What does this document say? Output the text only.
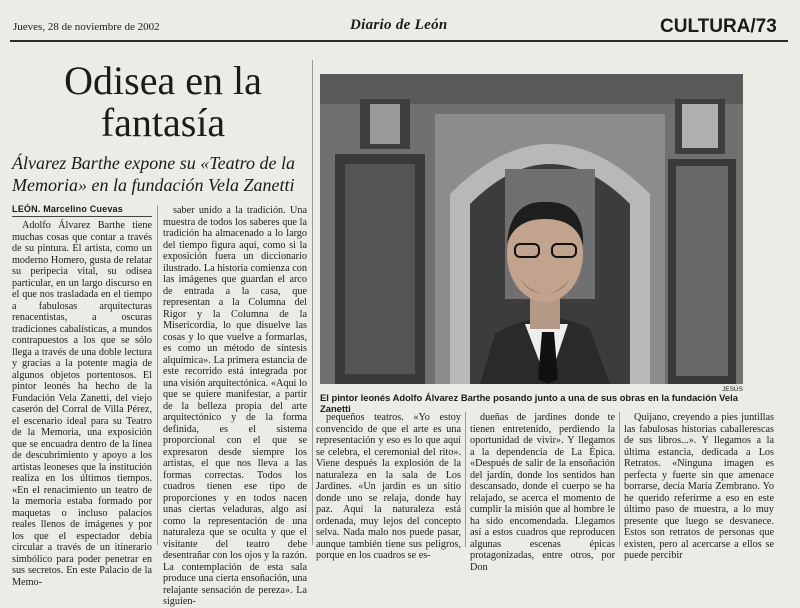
Jueves, 28 de noviembre de 2002	Diario de León	CULTURA/73
Odisea en la
fantasía
Álvarez Barthe expone su «Teatro de la Memoria» en la fundación Vela Zanetti
LEÓN. Marcelino Cuevas

Adolfo Álvarez Barthe tiene muchas cosas que contar a través de su pintura. El artista, como un moderno Homero, gusta de relatar su peripecia vital, su odisea particular, en un largo discurso en el que nos trasladada en el tiempo a fabulosas arquitecturas renacentistas, a oscuras tradiciones cabalísticas, a mundos contrapuestos a los que se sólo llega a través de una doble lectura y gracias a la potente magia de algunos objetos portentosos. El pintor leonés ha hecho de la Fundación Vela Zanetti, del viejo caserón del Corral de Villa Pérez, el escenario ideal para su Teatro de la Memoria, una exposición que se encuadra dentro de la línea de descubrimiento y apoyo a los artistas leoneses que la institución realiza en los últimos tiempos. «En el renacimiento un teatro de la memoria estaba formado por maquetas o incluso palacios reales llenos de imágenes y por los que el espectador debía circular a través de un itinerario simbólico para poder penetrar en sus secretos. En este Palacio de la Memo-

saber unido a la tradición. Una muestra de todos los saberes que la tradición ha almacenado a lo largo del tiempo figura aquí, como si la exposición fuera un diccionario ilustrado. La historia comienza con las imágenes que guardan el arco de entrada a la casa, que representan a la Columna del Rigor y la Columna de la Misericordia, lo que disuelve las cosas y lo que vuelve a formarlas, es como un método de síntesis alquímica». La primera estancia de este recorrido está integrada por una visión arquitectónica. «Aquí lo que se quiere manifestar, a partir de la belleza propia del arte arquitectónico y de la forma definida, es el sistema proporcional con el que se expresaron desde siempre los artistas, el que nos lleva a las formas correctas. Todos los cuadros tienen ese tipo de proporciones y en todos nacen unas ciertas veladuras, algo así como la representación de una naturaleza que se oculta y que el visitante del teatro debe desentrañar con los ojos y la razón. La contemplación de esta sala produce una cierta ensoñación, una relajante sensación de pereza». La siguien-

JESÚS
El pintor leonés Adolfo Álvarez Barthe posando junto a una de sus obras en la fundación Vela Zanetti

pequeños teatros. «Yo estoy convencido de que el arte es una representación y eso es lo que aquí se celebra, el ceremonial del rito». Viene después la explosión de la naturaleza en la sala de Los Jardines. «Un jardín es un sitio donde uno se relaja, donde hay paz. Aquí la naturaleza está ordenada, muy lejos del concepto selva. Nada malo nos puede pasar, aunque también tiene sus peligros, porque en los cuadros se es-

dueñas de jardines donde te tienen entretenido, perdiendo la oportunidad de vivir». Y llegamos a la dependencia de La Épica. «Después de salir de la ensoñación del jardín, donde los sentidos han descansado, donde el cuerpo se ha relajado, se acerca el momento de cumplir la misión que al hombre le ha sido encomendada. Llegamos así a estos cuadros que reproducen algunas escenas épicas protagonizadas, entre otros, por Don

Quijano, creyendo a pies juntillas las fabulosas historias caballerescas de sus libros...». Y llegamos a la última estancia, dedicada a Los Retratos. «Ninguna imagen es perfecta y fuerte sin que amenace borrarse, decía María Zembrano. Yo he querido referirme a eso en este último paso de muestra, a lo muy presente que luego se desvanece. Estos son retratos de personas que existen, pero al acercarse a ellos se puede percibir
